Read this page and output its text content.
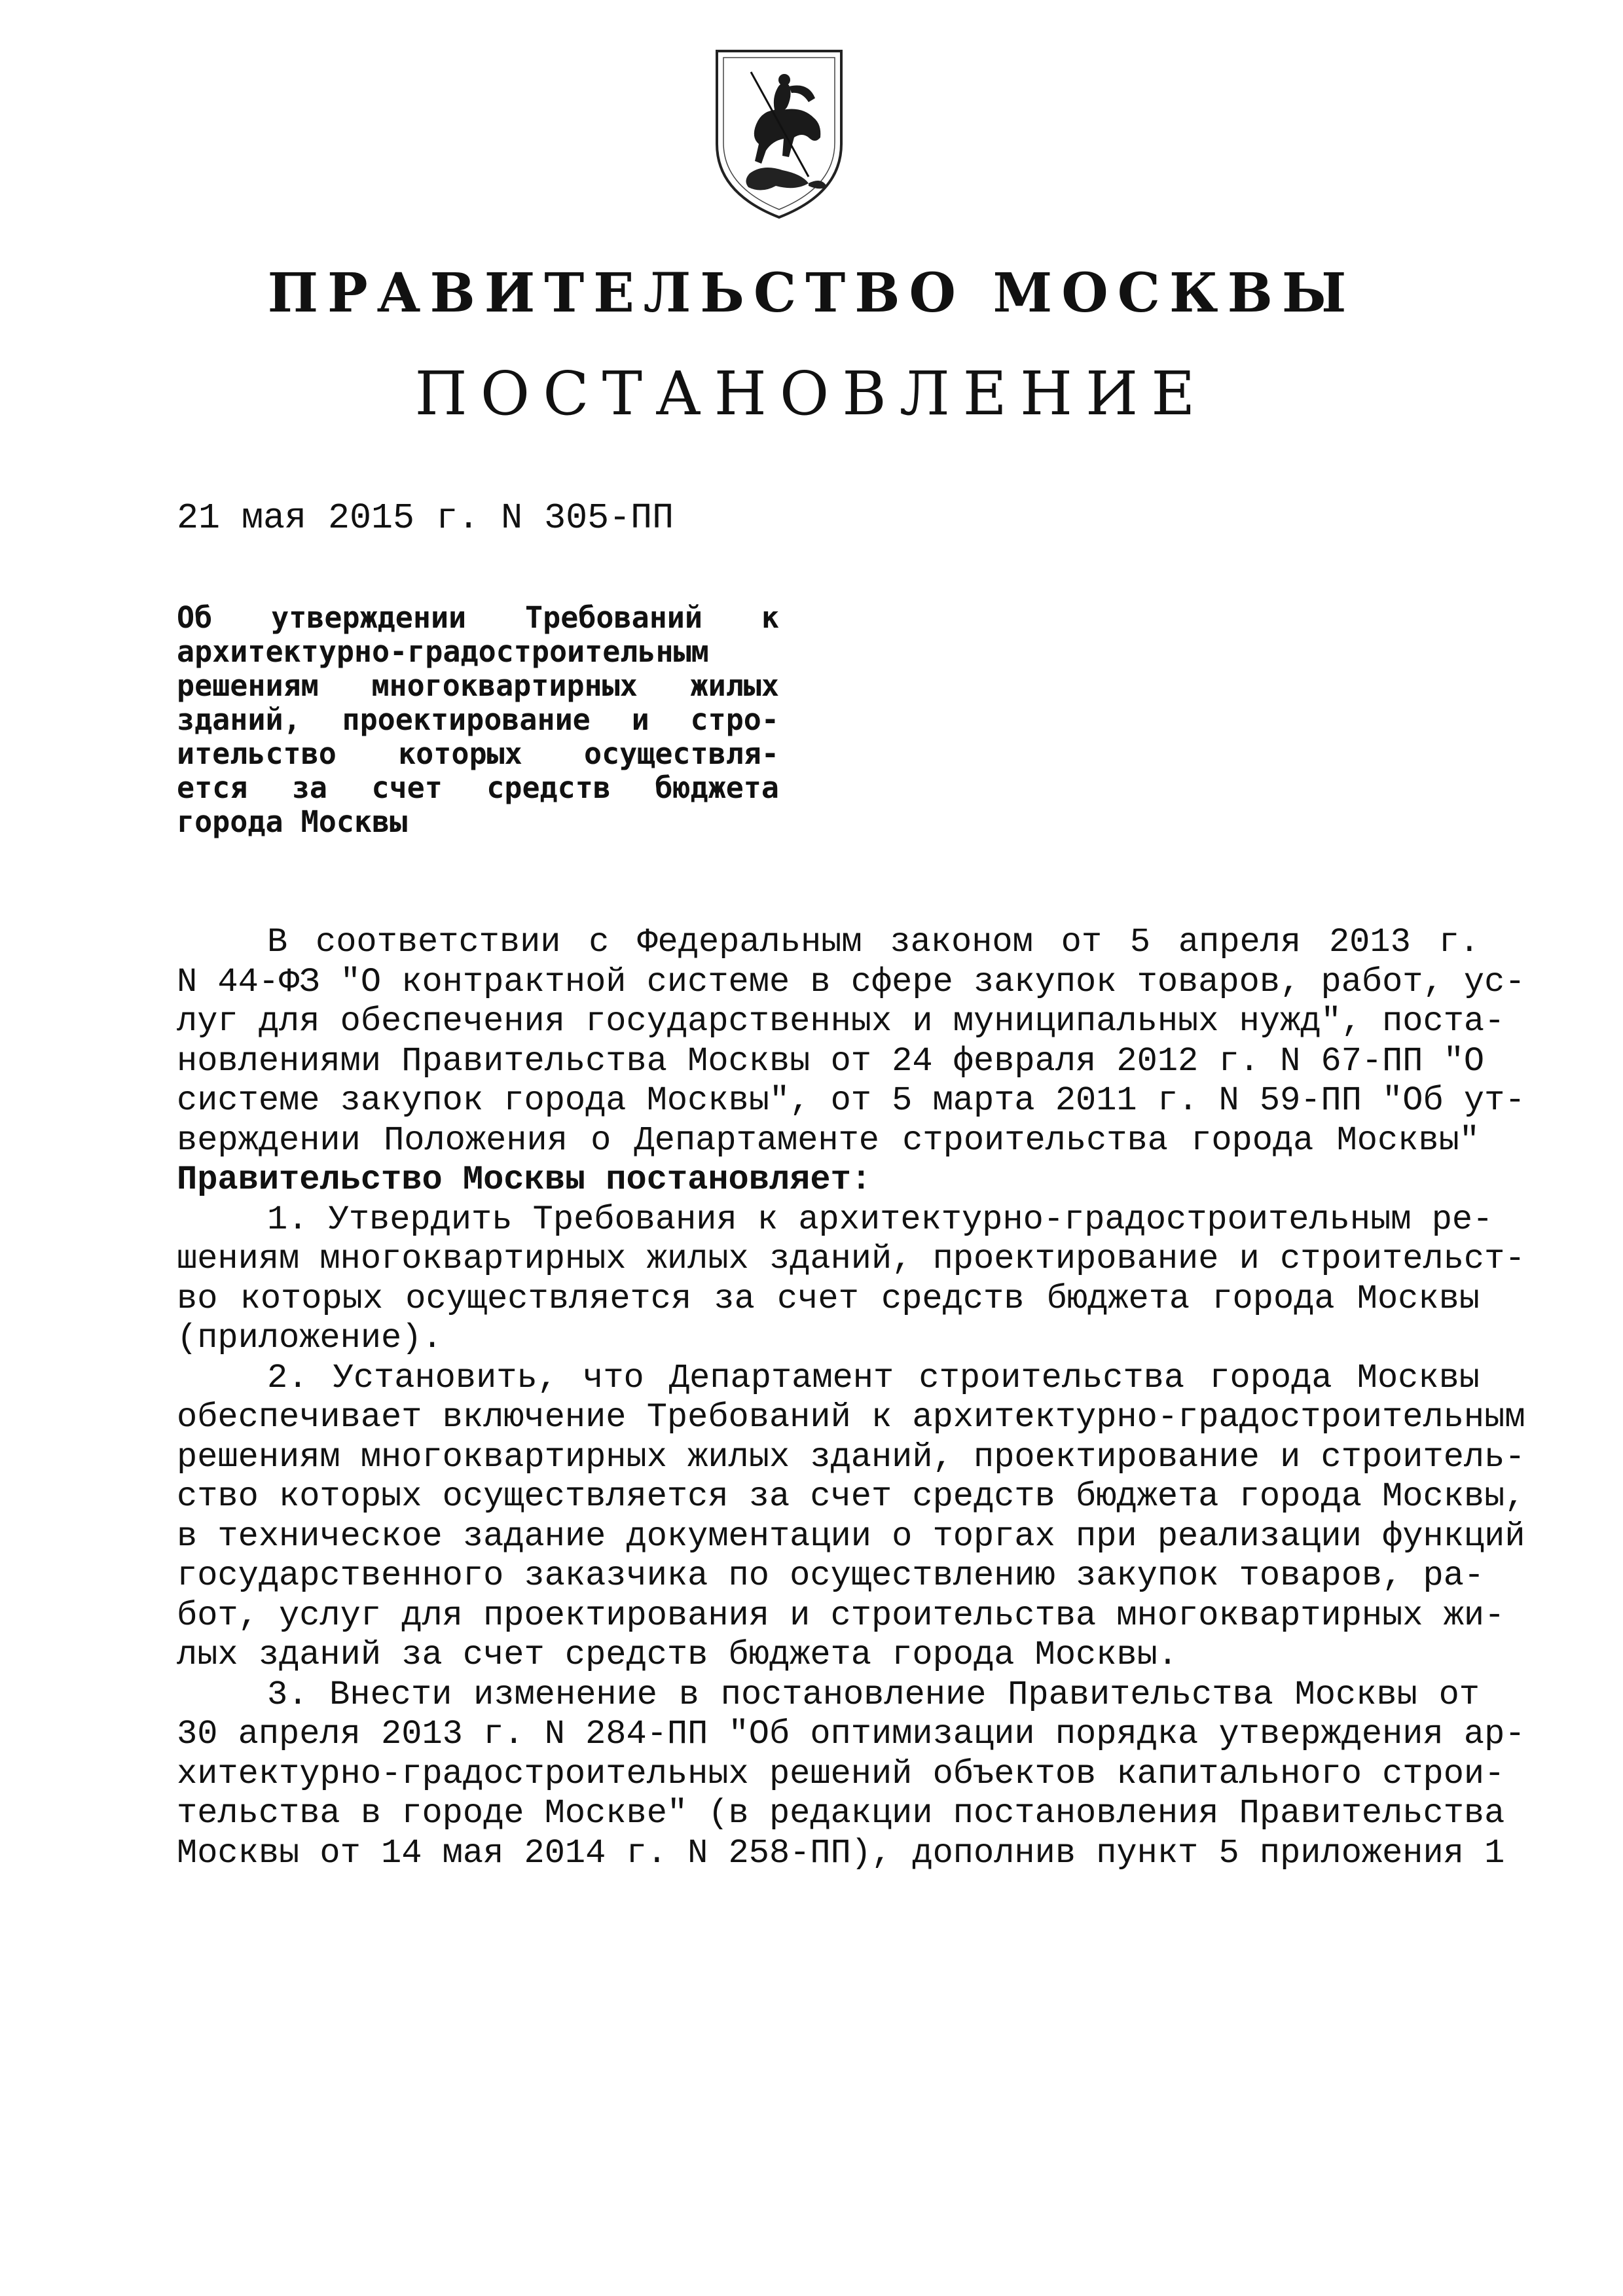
ПРАВИТЕЛЬСТВО МОСКВЫ
ПОСТАНОВЛЕНИЕ
21 мая 2015 г. N 305-ПП
Об утверждении Требований к
архитектурно-градостроительным
решениям многоквартирных жилых
зданий, проектирование и стро-
ительство которых осуществля-
ется за счет средств бюджета
города Москвы
В соответствии с Федеральным законом от 5 апреля 2013 г.
N 44-ФЗ "О контрактной системе в сфере закупок товаров, работ, ус-
луг для обеспечения государственных и муниципальных нужд", поста-
новлениями Правительства Москвы от 24 февраля 2012 г. N 67-ПП "О
системе закупок города Москвы", от 5 марта 2011 г. N 59-ПП "Об ут-
верждении Положения о Департаменте строительства города Москвы"
Правительство Москвы постановляет:
1. Утвердить Требования к архитектурно-градостроительным ре-
шениям многоквартирных жилых зданий, проектирование и строительст-
во которых осуществляется за счет средств бюджета города Москвы
(приложение).
2. Установить, что Департамент строительства города Москвы
обеспечивает включение Требований к архитектурно-градостроительным
решениям многоквартирных жилых зданий, проектирование и строитель-
ство которых осуществляется за счет средств бюджета города Москвы,
в техническое задание документации о торгах при реализации функций
государственного заказчика по осуществлению закупок товаров, ра-
бот, услуг для проектирования и строительства многоквартирных жи-
лых зданий за счет средств бюджета города Москвы.
3. Внести изменение в постановление Правительства Москвы от
30 апреля 2013 г. N 284-ПП "Об оптимизации порядка утверждения ар-
хитектурно-градостроительных решений объектов капитального строи-
тельства в городе Москве" (в редакции постановления Правительства
Москвы от 14 мая 2014 г. N 258-ПП), дополнив пункт 5 приложения 1
